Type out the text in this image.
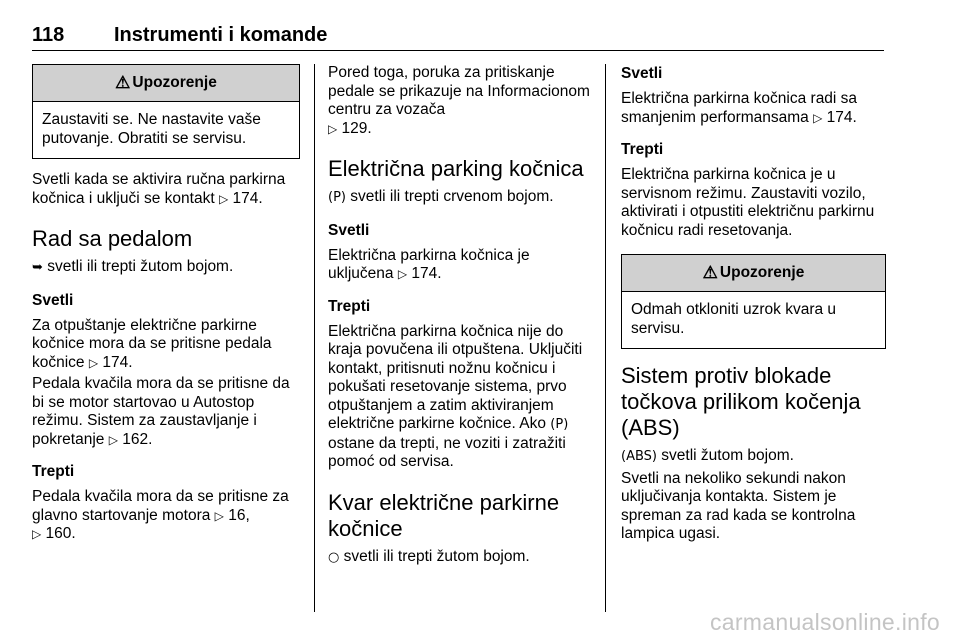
118 Instrumenti i komande
⚠ Upozorenje
Zaustaviti se. Ne nastavite vaše putovanje. Obratiti se servisu.

Svetli kada se aktivira ručna parkirna kočnica i uključi se kontakt ▷ 174.

Rad sa pedalom

➥ svetli ili trepti žutom bojom.

Svetli

Za otpuštanje električne parkirne kočnice mora da se pritisne pedala kočnice ▷ 174.

Pedala kvačila mora da se pritisne da bi se motor startovao u Autostop režimu. Sistem za zaustavljanje i pokretanje ▷ 162.

Trepti

Pedala kvačila mora da se pritisne za glavno startovanje motora ▷ 16,
▷ 160.

Pored toga, poruka za pritiskanje pedale se prikazuje na Informacionom centru za vozača
▷ 129.

Električna parking kočnica

(P) svetli ili trepti crvenom bojom.

Svetli

Električna parkirna kočnica je uključena ▷ 174.

Trepti

Električna parkirna kočnica nije do kraja povučena ili otpuštena. Uključiti kontakt, pritisnuti nožnu kočnicu i pokušati resetovanje sistema, prvo otpuštanjem a zatim aktiviranjem električne parkirne kočnice. Ako (P) ostane da trepti, ne voziti i zatražiti pomoć od servisa.

Kvar električne parkirne kočnice

○ svetli ili trepti žutom bojom.

Svetli

Električna parkirna kočnica radi sa smanjenim performansama ▷ 174.

Trepti

Električna parkirna kočnica je u servisnom režimu. Zaustaviti vozilo, aktivirati i otpustiti električnu parkirnu kočnicu radi resetovanja.

⚠ Upozorenje
Odmah otkloniti uzrok kvara u servisu.
Sistem protiv blokade točkova prilikom kočenja (ABS)

(ABS) svetli žutom bojom.

Svetli na nekoliko sekundi nakon uključivanja kontakta. Sistem je spreman za rad kada se kontrolna lampica ugasi.

carmanualsonline.info
